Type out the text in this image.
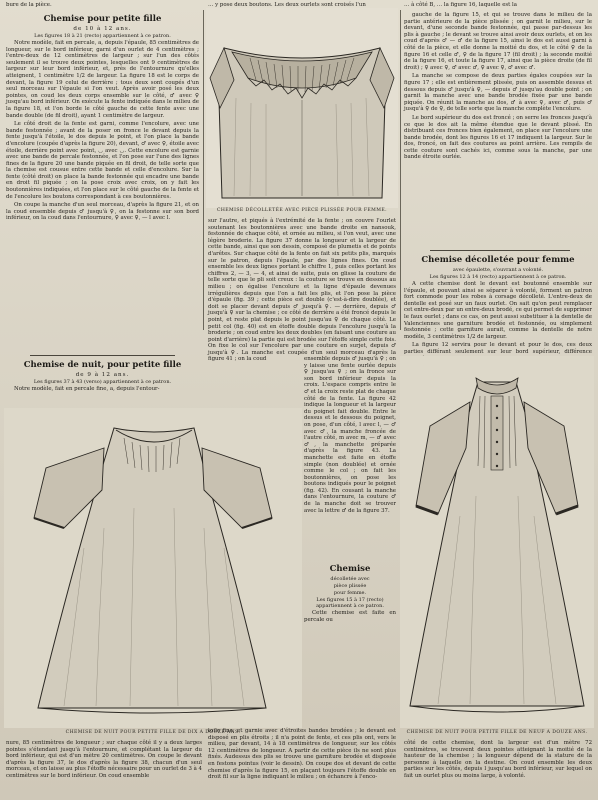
bure de la pièce.	… y pose deux boutons. Les deux ourlets sont croisés l'un	… à côté B, … la figure 16, laquelle est la
Chemise pour petite fille
de 10 à 12 ans.
Les figures 18 à 21 (recto) appartiennent à ce patron.

Notre modèle, fait en percale, a, depuis l'épaule, 85 centimètres de longueur, sur le bord inférieur, garni d'un ourlet de 4 centimètres ; l'entre-deux de 12 centimètres de largeur ; sur l'un des côtés seulement il se trouve deux pointes, lesquelles ont 9 centimètres de largeur sur leur bord inférieur, et, près de l'entournure qu'elles atteignent, 1 centimètre 1/2 de largeur. La figure 18 est le corps de devant, la figure 19 celui de derrière ; tous deux sont coupés d'un seul morceau sur l'épaule si l'on veut. Après avoir posé les deux pointes, on coud les deux corps ensemble sur le côté, ♂ avec ♀ jusqu'au bord inférieur. On exécute la fente indiquée dans le milieu de la figure 18, et l'on borde le côté gauche de cette fente avec une bande double (de fil droit), ayant 1 centimètre de largeur.

Le côté droit de la fente est garni, comme l'encolure, avec une bande festonnée ; avant de la poser on fronce le devant depuis la fente jusqu'à l'étoile, le dos depuis le point, et l'on place la bande d'encolure (coupée d'après la figure 20), devant, ♂ avec ♀, étoile avec étoile, derrière point avec point, ◡ avec ◡. Cette encolure est garnie avec une bande de percale festonnée, et l'on pose sur l'une des lignes fines de la figure 20 une bande piquée en fil droit, de telle sorte que la chemise est cousue entre cette bande et celle d'encolure. Sur la fente (côté droit) on place la bande festonnée qui encadre une bande en droit fil piquée ; on la pose croix avec croix, on y fait les boutonnières indiquées, et l'on place sur le côté gauche de la fente et de l'encolure les boutons correspondant à ces boutonnières.

On coupe la manche d'un seul morceau, d'après la figure 21, et on la coud ensemble depuis ♂ jusqu'à ♀, on la festonne sur son bord inférieur, on la coud dans l'entournure, ♀ avec ♀, — l avec l.

Chemise de nuit, pour petite fille
de 9 à 12 ans.
Les figures 37 à 43 (verso) appartiennent à ce patron.

Notre modèle, fait en percale fine, a, depuis l'entour-

CHEMISE DÉCOLLETÉE AVEC PIÈCE PLISSÉE POUR FEMME.

gauche de la figure 15, et qui se trouve dans le milieu de la partie antérieure de la pièce plissée ; on garnit le milieu, sur le devant, d'une seconde bande festonnée, qui passe par-dessus les plis à gauche ; le devant se trouve ainsi avoir deux ourlets, et on les coud d'après ♂ — ♂ de la figure 15, ainsi le dos est aussi garni à côté de la pièce, et elle donne la moitié du dos, et le côté ♀ de la figure 16 et celle ♂, ♀ de la figure 17 (fil droit) ; la seconde moitié de la figure 16, et toute la figure 17, ainsi que la pièce droite (de fil droit) ; ♀ avec ♀, ♂ avec ♂, ♀ avec ♀, ♂ avec ♂.

La manche se compose de deux parties égales coupées sur la figure 17 ; elle est entièrement plissée, puis on assemble dessus et dessous depuis ♂ jusqu'à ♀, — depuis ♂ jusqu'au double point ; on garnit la manche avec une bande brodée fixée par une bande piquée. On réunit la manche au dos, ♂ à avec ♀, avec ♂, puis ♂ jusqu'à ♀ de ♀, de telle sorte que la manche complète l'encolure.

Le bord supérieur du dos est froncé ; on serre les fronces jusqu'à ce que le dos ait la même étendue que le devant plissé. En distribuant ces fronces bien également, on place sur l'encolure une bande brodée, dont les figures 16 et 17 indiquent la largeur. Sur le dos, froncé, on fait des coutures au point arrière. Les rempils de cette couture sont cachés ici, comme sous la manche, par une bande étroite ourlée.

Chemise décolletée pour femme
avec épaulette, s'ouvrant a volonté.
Les figures 12 à 14 (recto) appartiennent à ce patron.

A cette chemise dont le devant est boutonné ensemble sur l'épaule, et pouvant ainsi se séparer à volonté, forment un patron fort commode pour les robes à corsage décolleté. L'entre-deux de dentelle est posé sur un faux ourlet. On sait qu'on peut remplacer cet entre-deux par un entre-deux brodé, ce qui permet de supprimer le faux ourlet ; dans ce cas, on peut aussi substituer à la dentelle de Valenciennes une garniture brodée et festonnée, ou simplement festonnée ; cette garniture aurait, comme la dentelle de notre modèle, 3 centimètres 1/2 de largeur.

La figure 12 servira pour le devant et pour le dos, ces deux parties différant seulement sur leur bord supérieur, différence

sur l'autre, et piqués à l'extrémité de la fente ; on couvre l'ourlet soutenant les boutonnières avec une bande droite en nansouk, festonnée de chaque côté, et ornée au milieu, si l'on veut, avec une légère broderie. La figure 37 donne la longueur et la largeur de cette bande, ainsi que son dessin, composé de plumetis et de points d'arêtes. Sur chaque côté de la fente on fait six petits plis, marqués sur le patron, depuis l'épaule, par des lignes fines. On coud ensemble les deux lignes portant le chiffre 1, puis celles portant les chiffres 2, — 3, — 4, et ainsi de suite, puis on glisse la couture de telle sorte que le pli soit creux : la couture se trouve en dessous au milieu ; on égalise l'encolure et la ligne d'épaule devenues irrégulières depuis que l'on a fait les plis, et l'on pose la pièce d'épaule (fig. 39 ; cette pièce est double (c'est-à-dire doublée), et doit se placer devant depuis ♂ jusqu'à ♀. — derrière, depuis ♂ jusqu'à ♀ sur la chemise ; ce côté de derrière a été froncé depuis le point, et reste plat depuis le point jusqu'au ♀ de chaque côté. Le petit col (fig. 40) est en étoffe double depuis l'encolure jusqu'à la broderie ; on coud entre les deux doubles (en faisant une couture au point d'arrière) la partie qui est brodée sur l'étoffe simple cette fois. On fixe le col sur l'encolure par une couture en surjet, depuis ♂ jusqu'à ♀. La manche est coupée d'un seul morceau d'après la figure 41 ; on la coud	ensemble depuis ♂ jusqu'à ♀ ; on y laisse une fente ourlée depuis ♀ jusqu'au ♀ ; on la fronce sur son bord inférieur depuis la croix. L'espace compris entre le ♂ et la croix reste plat de chaque côté de la fente. La figure 42 indique la longueur et la largeur du poignet fait double. Entre le dessus et le dessous du poignet, on pose, d'un côté, l avec l, — ♂ avec ♂, la manche froncée de l'autre côté, m avec m, — ♂ avec ♂, la manchette préparée d'après la figure 43. La manchette est faite en étoffe simple (non doublée) et ornée comme le col ; on fait les boutonnières, on pose les boutons indiqués pour le poignet (fig. 42). En cousant la manche dans l'entournure, la couture ♂ de la manche doit se trouver avec la lettre ♂ de la figure 37.

Chemise
décolletée avec
pièce plissée
pour femme.
Les figures 15 à 17 (recto) appartiennent à ce patron.

Cette chemise est faite en percale ou

CHEMISE DE NUIT POUR PETITE FILLE DE DIX A DOUZE ANS.	CHEMISE DE NUIT POUR PETITE FILLE DE NEUF A DOUZE ANS.

nure, 85 centimètres de longueur ; sur chaque côté il y a deux larges pointes s'étendant jusqu'à l'entournure, et complétant la largeur du bord inférieur, qui est d'un mètre 20 centimètres. On coupe le devant d'après la figure 37, le dos d'après la figure 38, chacun d'un seul morceau, et on laisse au plus l'étoffe nécessaire pour un ourlet de 3 à 4 centimètres sur le bord inférieur. On coud ensemble

toile fine, et garnie avec d'étroites bandes brodées ; le devant est disposé en plis étroits ; il n'a point de fente, et ces plis ont, vers le milieu, par devant, 14 à 18 centimètres de longueur, sur les côtés 12 centimètres de longueur. A partir de cette pièce ils ne sont plus fixés. Audessus des plis se trouve une garniture brodée et disposée en festons pointus (voir le dessin). On coupe dos et devant de cette chemise d'après la figure 15, en plaçant toujours l'étoffe double en droit fil sur la ligne indiquant le milieu ; on échancre à l'enco-

côté de cette chemise, dont la largeur est d'un mètre 72 centimètres, se trouvent deux pointes atteignant la moitié de la hauteur de la chemise ; la longueur dépend de la stature de la personne à laquelle on la destine. On coud ensemble les deux parties sur les côtés, depuis l jusqu'au bord inférieur, sur lequel on fait un ourlet plus ou moins large, à volonté.
